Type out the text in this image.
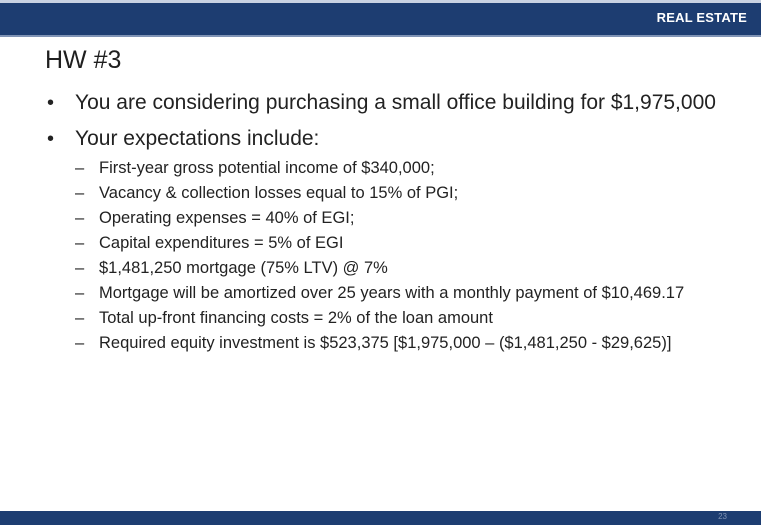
REAL ESTATE
HW #3
• You are considering purchasing a small office building for $1,975,000
• Your expectations include:
– First-year gross potential income of $340,000;
– Vacancy & collection losses equal to 15% of PGI;
– Operating expenses = 40% of EGI;
– Capital expenditures = 5% of EGI
– $1,481,250 mortgage (75% LTV) @ 7%
– Mortgage will be amortized over 25 years with a monthly payment of $10,469.17
– Total up-front financing costs = 2% of the loan amount
– Required equity investment is $523,375 [$1,975,000 – ($1,481,250 - $29,625)]
23
